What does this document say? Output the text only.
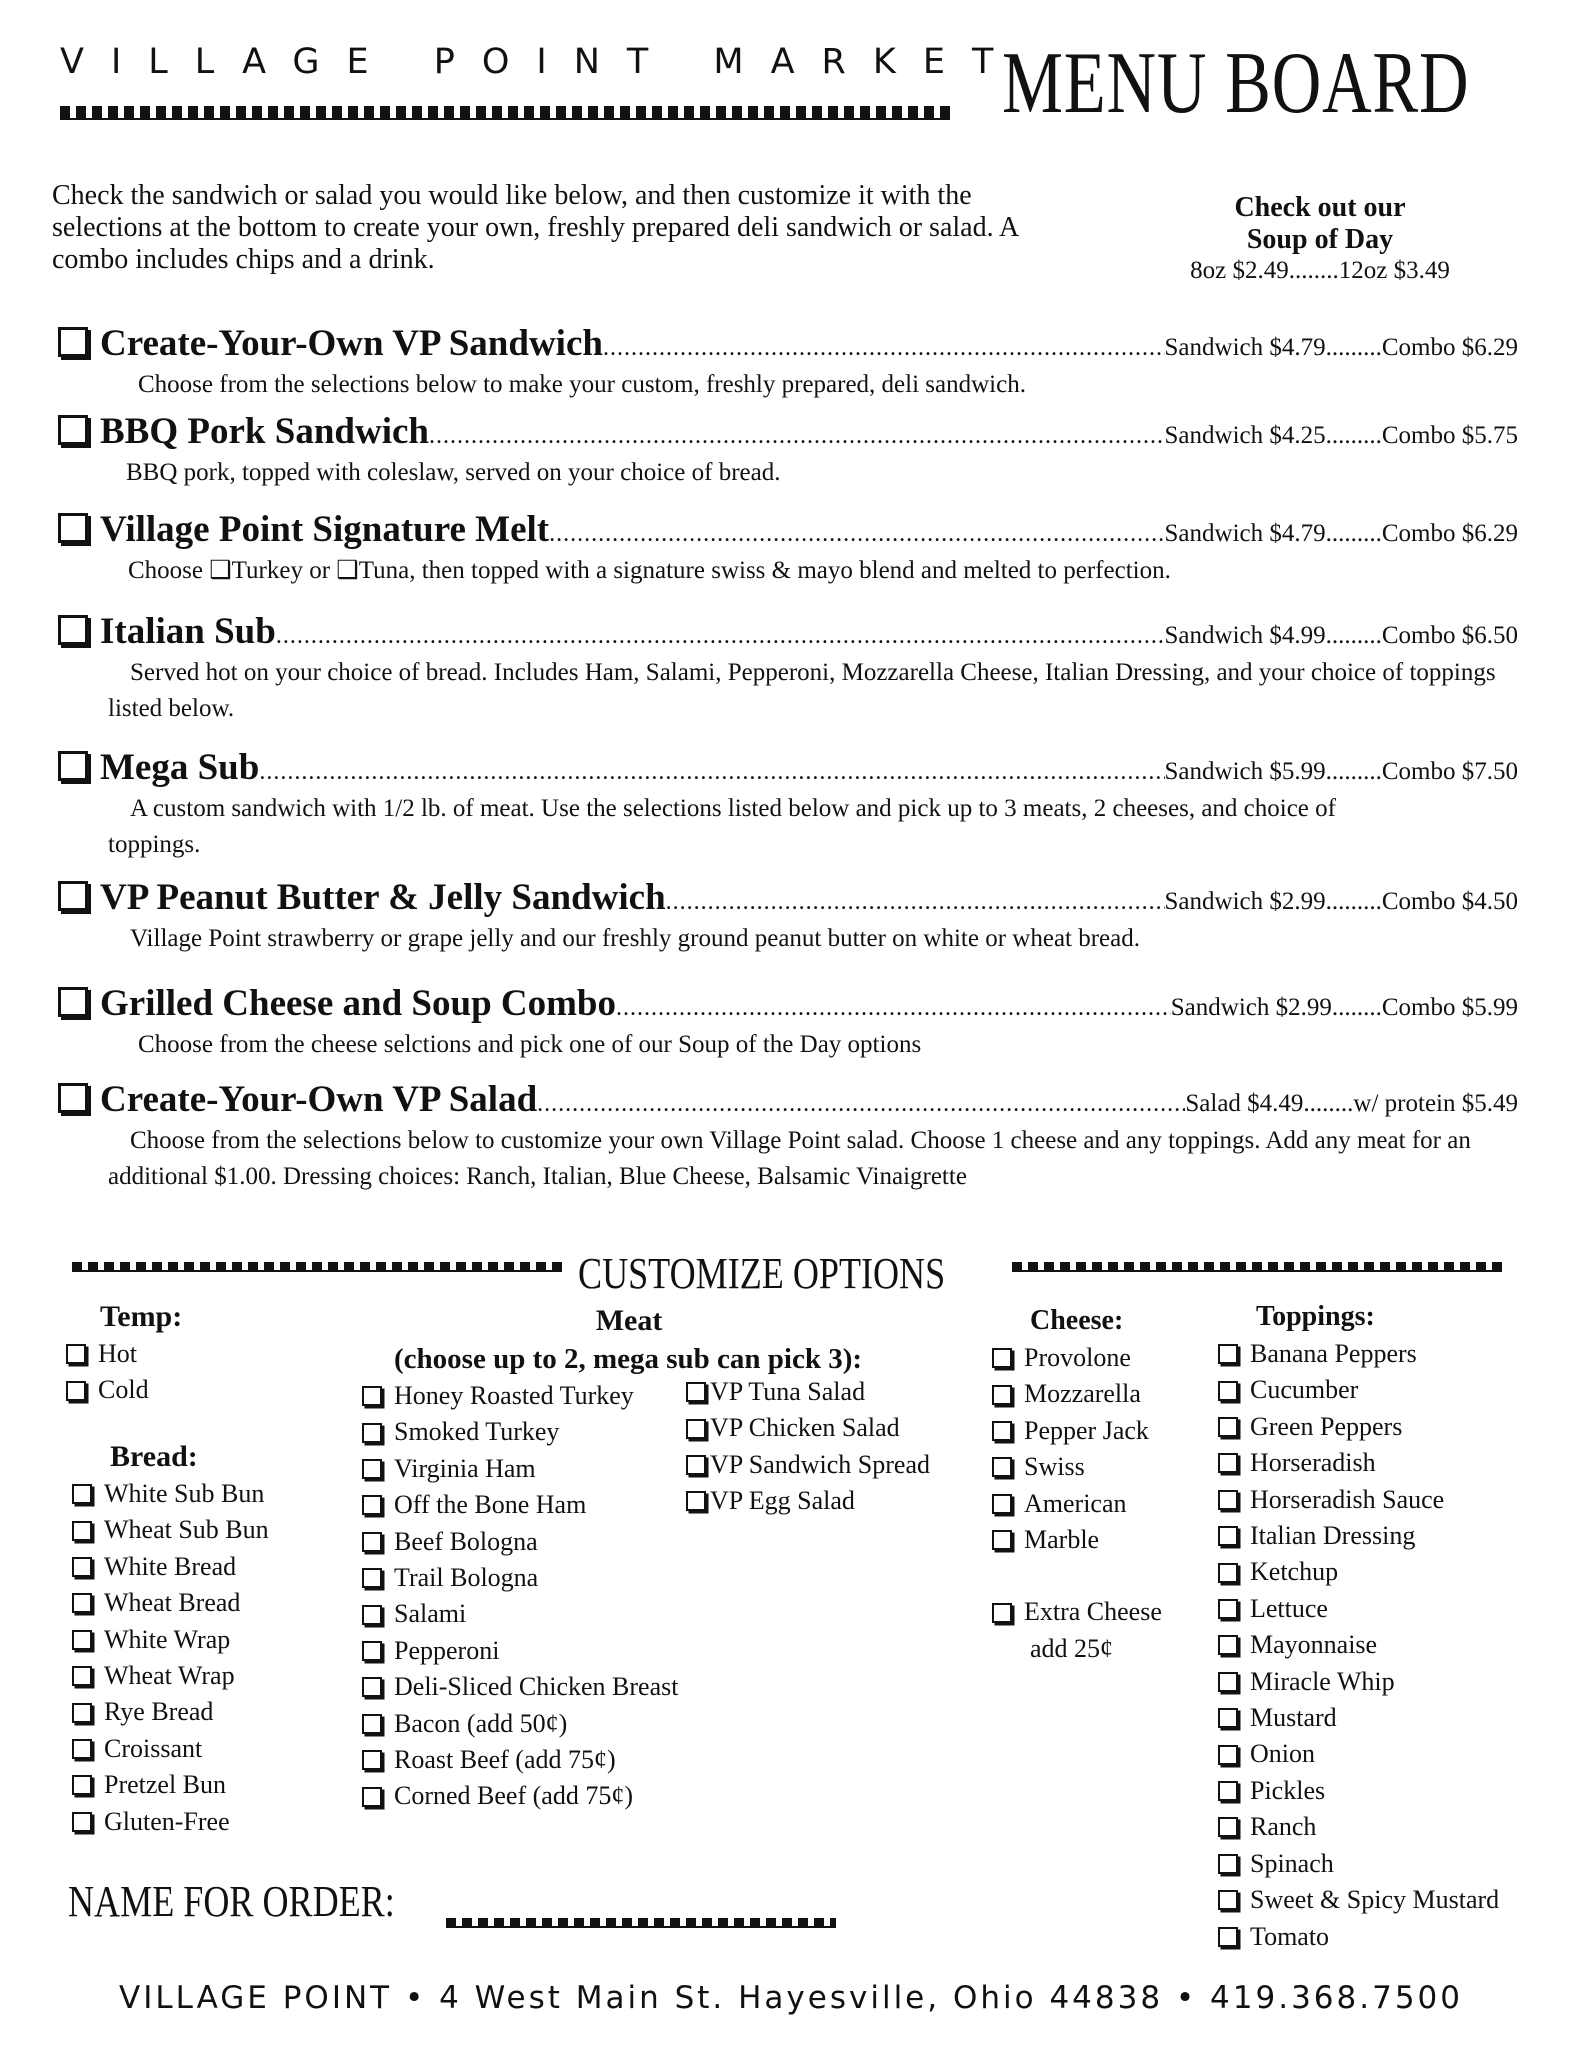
VILLAGE POINT MARKET
MENU BOARD
Check the sandwich or salad you would like below, and then customize it with the selections at the bottom to create your own, freshly prepared deli sandwich or salad. A combo includes chips and a drink.
Check out our
Soup of Day
8oz $2.49........12oz $3.49
Create-Your-Own VP Sandwich .....	Sandwich $4.79.........Combo $6.29
Choose from the selections below to make your custom, freshly prepared, deli sandwich.
BBQ Pork Sandwich .....	Sandwich $4.25.........Combo $5.75
BBQ pork, topped with coleslaw, served on your choice of bread.
Village Point Signature Melt .....	Sandwich $4.79.........Combo $6.29
Choose ❑Turkey or ❑Tuna, then topped with a signature swiss & mayo blend and melted to perfection.
Italian Sub .....	Sandwich $4.99.........Combo $6.50
Served hot on your choice of bread. Includes Ham, Salami, Pepperoni, Mozzarella Cheese, Italian Dressing, and your choice of toppings listed below.
Mega Sub .....	Sandwich $5.99.........Combo $7.50
A custom sandwich with 1/2 lb. of meat. Use the selections listed below and pick up to 3 meats, 2 cheeses, and choice of toppings.
VP Peanut Butter & Jelly Sandwich .....	Sandwich $2.99.........Combo $4.50
Village Point strawberry or grape jelly and our freshly ground peanut butter on white or wheat bread.
Grilled Cheese and Soup Combo .....	Sandwich $2.99........Combo $5.99
Choose from the cheese selctions and pick one of our Soup of the Day options
Create-Your-Own VP Salad .....	Salad $4.49........w/ protein $5.49
Choose from the selections below to customize your own Village Point salad. Choose 1 cheese and any toppings. Add any meat for an additional $1.00. Dressing choices: Ranch, Italian, Blue Cheese, Balsamic Vinaigrette
CUSTOMIZE OPTIONS
Temp:
Hot
Cold
Bread:
White Sub Bun
Wheat Sub Bun
White Bread
Wheat Bread
White Wrap
Wheat Wrap
Rye Bread
Croissant
Pretzel Bun
Gluten-Free
Meat
(choose up to 2, mega sub can pick 3):
Honey Roasted Turkey
Smoked Turkey
Virginia Ham
Off the Bone Ham
Beef Bologna
Trail Bologna
Salami
Pepperoni
Deli-Sliced Chicken Breast
Bacon (add 50¢)
Roast Beef (add 75¢)
Corned Beef (add 75¢)
VP Tuna Salad
VP Chicken Salad
VP Sandwich Spread
VP Egg Salad
Cheese:
Provolone
Mozzarella
Pepper Jack
Swiss
American
Marble
Extra Cheese
add 25¢
Toppings:
Banana Peppers
Cucumber
Green Peppers
Horseradish
Horseradish Sauce
Italian Dressing
Ketchup
Lettuce
Mayonnaise
Miracle Whip
Mustard
Onion
Pickles
Ranch
Spinach
Sweet & Spicy Mustard
Tomato
NAME FOR ORDER:
VILLAGE POINT • 4 West Main St. Hayesville, Ohio 44838 • 419.368.7500
